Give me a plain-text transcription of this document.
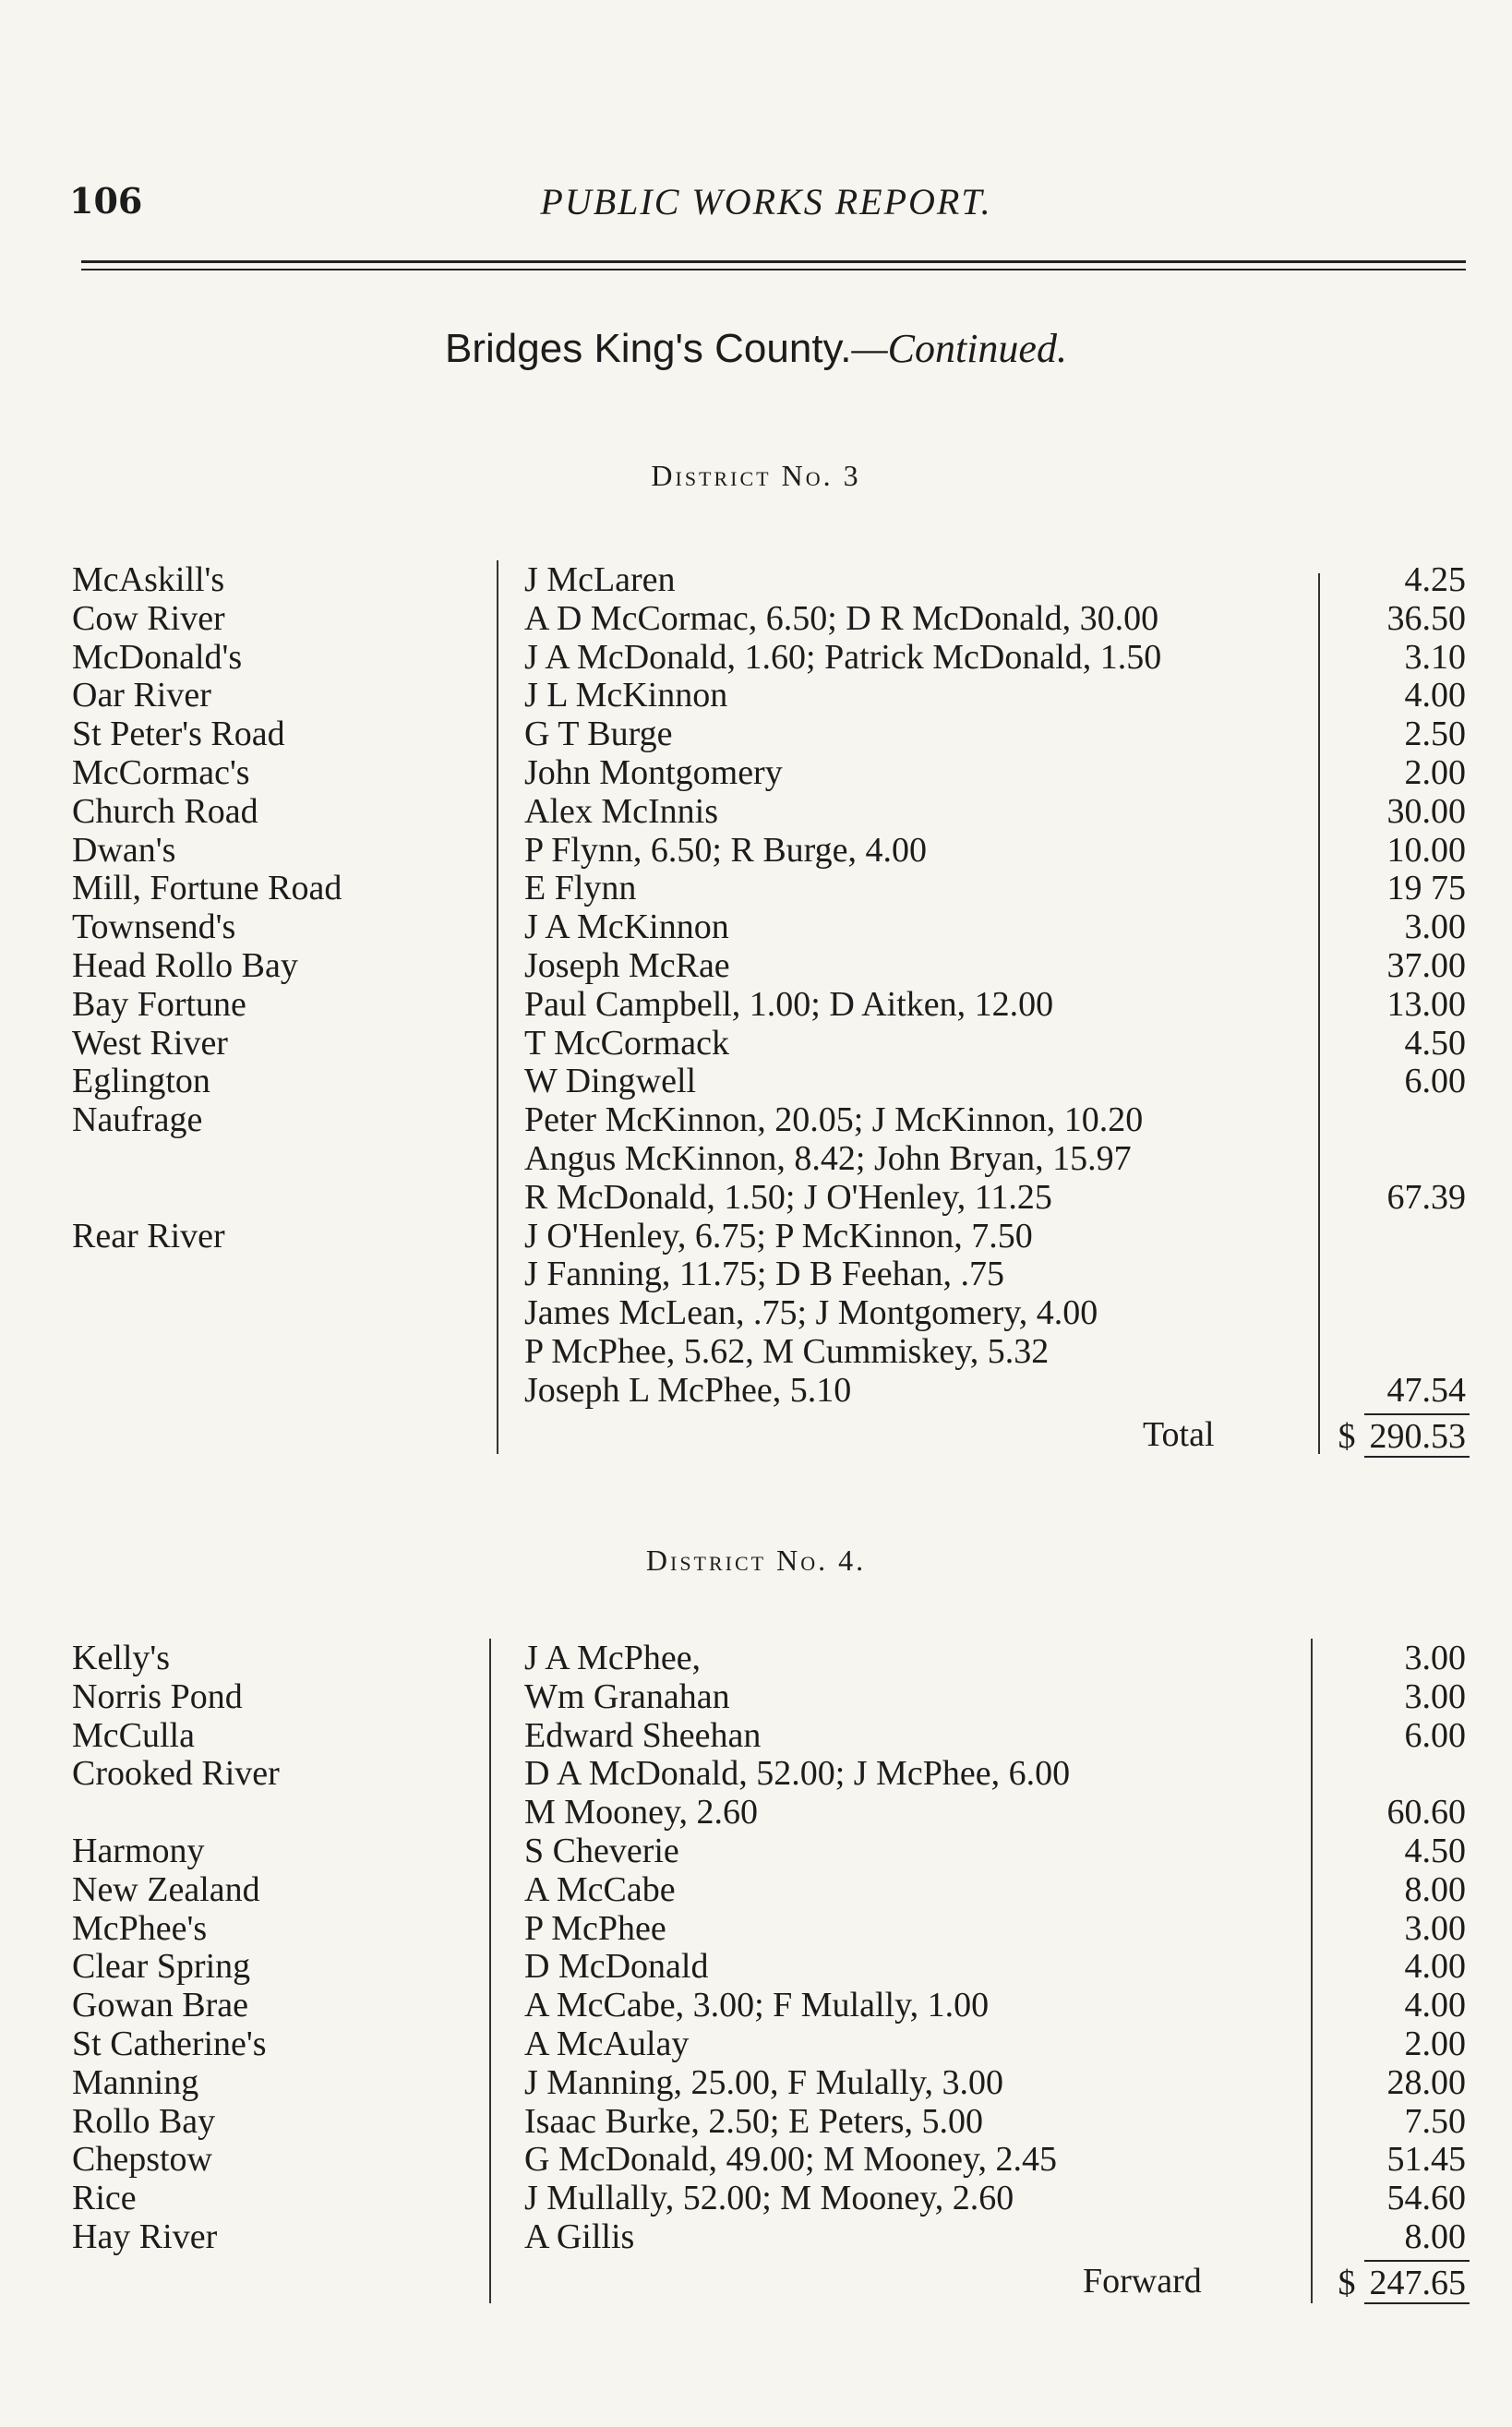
106	PUBLIC WORKS REPORT.
Bridges King's County.—Continued.
District No. 3
McAskill's	J McLaren	4.25
Cow River	A D McCormac, 6.50; D R McDonald, 30.00	36.50
McDonald's	J A McDonald, 1.60; Patrick McDonald, 1.50	3.10
Oar River	J L McKinnon	4.00
St Peter's Road	G T Burge	2.50
McCormac's	John Montgomery	2.00
Church Road	Alex McInnis	30.00
Dwan's	P Flynn, 6.50; R Burge, 4.00	10.00
Mill, Fortune Road	E Flynn	19 75
Townsend's	J A McKinnon	3.00
Head Rollo Bay	Joseph McRae	37.00
Bay Fortune	Paul Campbell, 1.00; D Aitken, 12.00	13.00
West River	T McCormack	4.50
Eglington	W Dingwell	6.00
Naufrage	Peter McKinnon, 20.05; J McKinnon, 10.20
Angus McKinnon, 8.42; John Bryan, 15.97
R McDonald, 1.50; J O'Henley, 11.25	67.39
Rear River	J O'Henley, 6.75; P McKinnon, 7.50
J Fanning, 11.75; D B Feehan, .75
James McLean, .75; J Montgomery, 4.00
P McPhee, 5.62, M Cummiskey, 5.32
Joseph L McPhee, 5.10	47.54
Total	$ 290.53
District No. 4.
Kelly's	J A McPhee,	3.00
Norris Pond	Wm Granahan	3.00
McCulla	Edward Sheehan	6.00
Crooked River	D A McDonald, 52.00; J McPhee, 6.00
M Mooney, 2.60	60.60
Harmony	S Cheverie	4.50
New Zealand	A McCabe	8.00
McPhee's	P McPhee	3.00
Clear Spring	D McDonald	4.00
Gowan Brae	A McCabe, 3.00; F Mulally, 1.00	4.00
St Catherine's	A McAulay	2.00
Manning	J Manning, 25.00, F Mulally, 3.00	28.00
Rollo Bay	Isaac Burke, 2.50; E Peters, 5.00	7.50
Chepstow	G McDonald, 49.00; M Mooney, 2.45	51.45
Rice	J Mullally, 52.00; M Mooney, 2.60	54.60
Hay River	A Gillis	8.00
Forward	$ 247.65
